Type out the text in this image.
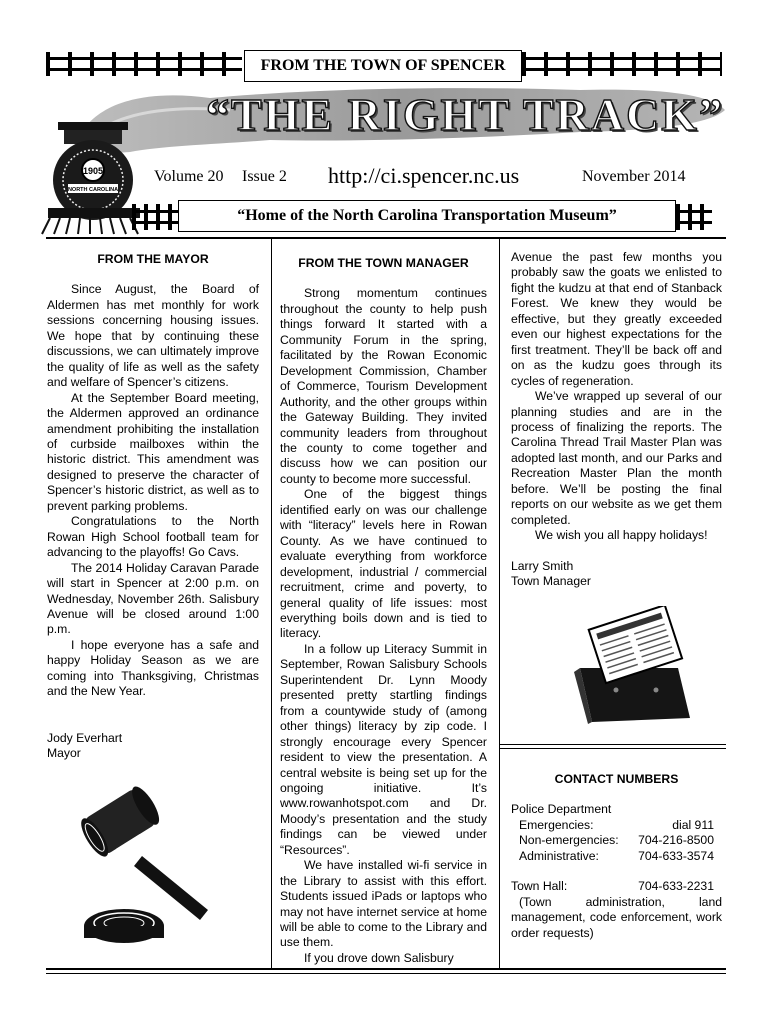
FROM THE TOWN OF SPENCER
“THE RIGHT TRACK”
1905
NORTH CAROLINA
Volume 20 Issue 2 http://ci.spencer.nc.us	November 2014
“Home of the North Carolina Transportation Museum”

FROM THE MAYOR

Since August, the Board of Aldermen has met monthly for work sessions concerning housing issues. We hope that by continuing these discussions, we can ultimately improve the quality of life as well as the safety and welfare of Spencer’s citizens.

At the September Board meeting, the Aldermen approved an ordinance amendment prohibiting the installation of curbside mailboxes within the historic district. This amendment was designed to preserve the character of Spencer’s historic district, as well as to prevent parking problems.

Congratulations to the North Rowan High School football team for advancing to the playoffs! Go Cavs.

The 2014 Holiday Caravan Parade will start in Spencer at 2:00 p.m. on Wednesday, November 26th. Salisbury Avenue will be closed around 1:00 p.m.

I hope everyone has a safe and happy Holiday Season as we are coming into Thanksgiving, Christmas and the New Year.

Jody Everhart

Mayor

FROM THE TOWN MANAGER

Strong momentum continues throughout the county to help push things forward It started with a Community Forum in the spring, facilitated by the Rowan Economic Development Commission, Chamber of Commerce, Tourism Development Authority, and the other groups within the Gateway Building. They invited community leaders from throughout the county to come together and discuss how we can position our county to become more successful.

One of the biggest things identified early on was our challenge with “literacy” levels here in Rowan County. As we have continued to evaluate everything from workforce development, industrial / commercial recruitment, crime and poverty, to general quality of life issues: most everything boils down and is tied to literacy.

In a follow up Literacy Summit in September, Rowan Salisbury Schools Superintendent Dr. Lynn Moody presented pretty startling findings from a countywide study of (among other things) literacy by zip code. I strongly encourage every Spencer resident to view the presentation. A central website is being set up for the ongoing initiative. It’s www.rowanhotspot.com and Dr. Moody’s presentation and the study findings can be viewed under “Resources”.

We have installed wi-fi service in the Library to assist with this effort. Students issued iPads or laptops who may not have internet service at home will be able to come to the Library and use them.

If you drove down Salisbury

Avenue the past few months you probably saw the goats we enlisted to fight the kudzu at that end of Stanback Forest. We knew they would be effective, but they greatly exceeded even our highest expectations for the first treatment. They’ll be back off and on as the kudzu goes through its cycles of regeneration.

We’ve wrapped up several of our planning studies and are in the process of finalizing the reports. The Carolina Thread Trail Master Plan was adopted last month, and our Parks and Recreation Master Plan the month before. We’ll be posting the final reports on our website as we get them completed.

We wish you all happy holidays!

Larry Smith

Town Manager

CONTACT NUMBERS

Police Department

Emergencies:	dial 911
Non-emergencies: 704-216-8500
Administrative:	704-633-3574
Town Hall:	704-633-2231

(Town administration, land management, code enforcement, work order requests)
